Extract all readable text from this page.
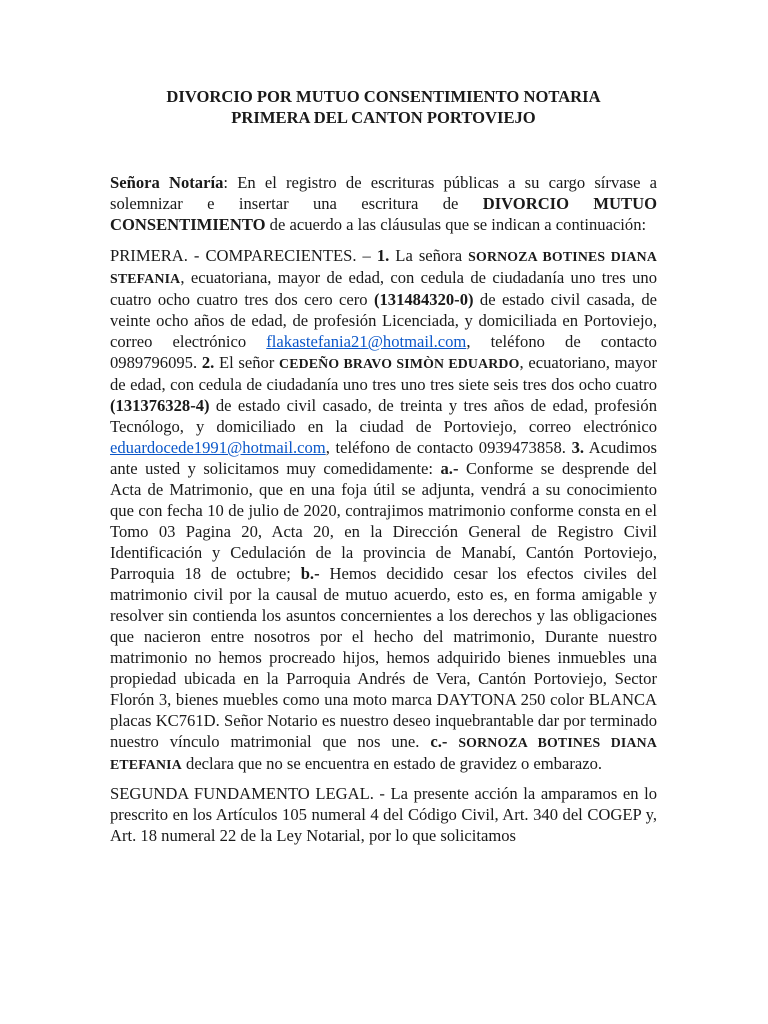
DIVORCIO POR MUTUO CONSENTIMIENTO NOTARIA
PRIMERA DEL CANTON PORTOVIEJO

Señora Notaría: En el registro de escrituras públicas a su cargo sírvase a solemnizar e insertar una escritura de DIVORCIO MUTUO CONSENTIMIENTO de acuerdo a las cláusulas que se indican a continuación:

PRIMERA. - COMPARECIENTES. – 1. La señora SORNOZA BOTINES DIANA STEFANIA, ecuatoriana, mayor de edad, con cedula de ciudadanía uno tres uno cuatro ocho cuatro tres dos cero cero (131484320-0) de estado civil casada, de veinte ocho años de edad, de profesión Licenciada, y domiciliada en Portoviejo, correo electrónico flakastefania21@hotmail.com, teléfono de contacto 0989796095. 2. El señor CEDEÑO BRAVO SIMÒN EDUARDO, ecuatoriano, mayor de edad, con cedula de ciudadanía uno tres uno tres siete seis tres dos ocho cuatro (131376328-4) de estado civil casado, de treinta y tres años de edad, profesión Tecnólogo, y domiciliado en la ciudad de Portoviejo, correo electrónico eduardocede1991@hotmail.com, teléfono de contacto 0939473858. 3. Acudimos ante usted y solicitamos muy comedidamente: a.- Conforme se desprende del Acta de Matrimonio, que en una foja útil se adjunta, vendrá a su conocimiento que con fecha 10 de julio de 2020, contrajimos matrimonio conforme consta en el Tomo 03 Pagina 20, Acta 20, en la Dirección General de Registro Civil Identificación y Cedulación de la provincia de Manabí, Cantón Portoviejo, Parroquia 18 de octubre; b.- Hemos decidido cesar los efectos civiles del matrimonio civil por la causal de mutuo acuerdo, esto es, en forma amigable y resolver sin contienda los asuntos concernientes a los derechos y las obligaciones que nacieron entre nosotros por el hecho del matrimonio, Durante nuestro matrimonio no hemos procreado hijos, hemos adquirido bienes inmuebles una propiedad ubicada en la Parroquia Andrés de Vera, Cantón Portoviejo, Sector Florón 3, bienes muebles como una moto marca DAYTONA 250 color BLANCA placas KC761D. Señor Notario es nuestro deseo inquebrantable dar por terminado nuestro vínculo matrimonial que nos une. c.- SORNOZA BOTINES DIANA ETEFANIA declara que no se encuentra en estado de gravidez o embarazo.

SEGUNDA FUNDAMENTO LEGAL. - La presente acción la amparamos en lo prescrito en los Artículos 105 numeral 4 del Código Civil, Art. 340 del COGEP y, Art. 18 numeral 22 de la Ley Notarial, por lo que solicitamos
